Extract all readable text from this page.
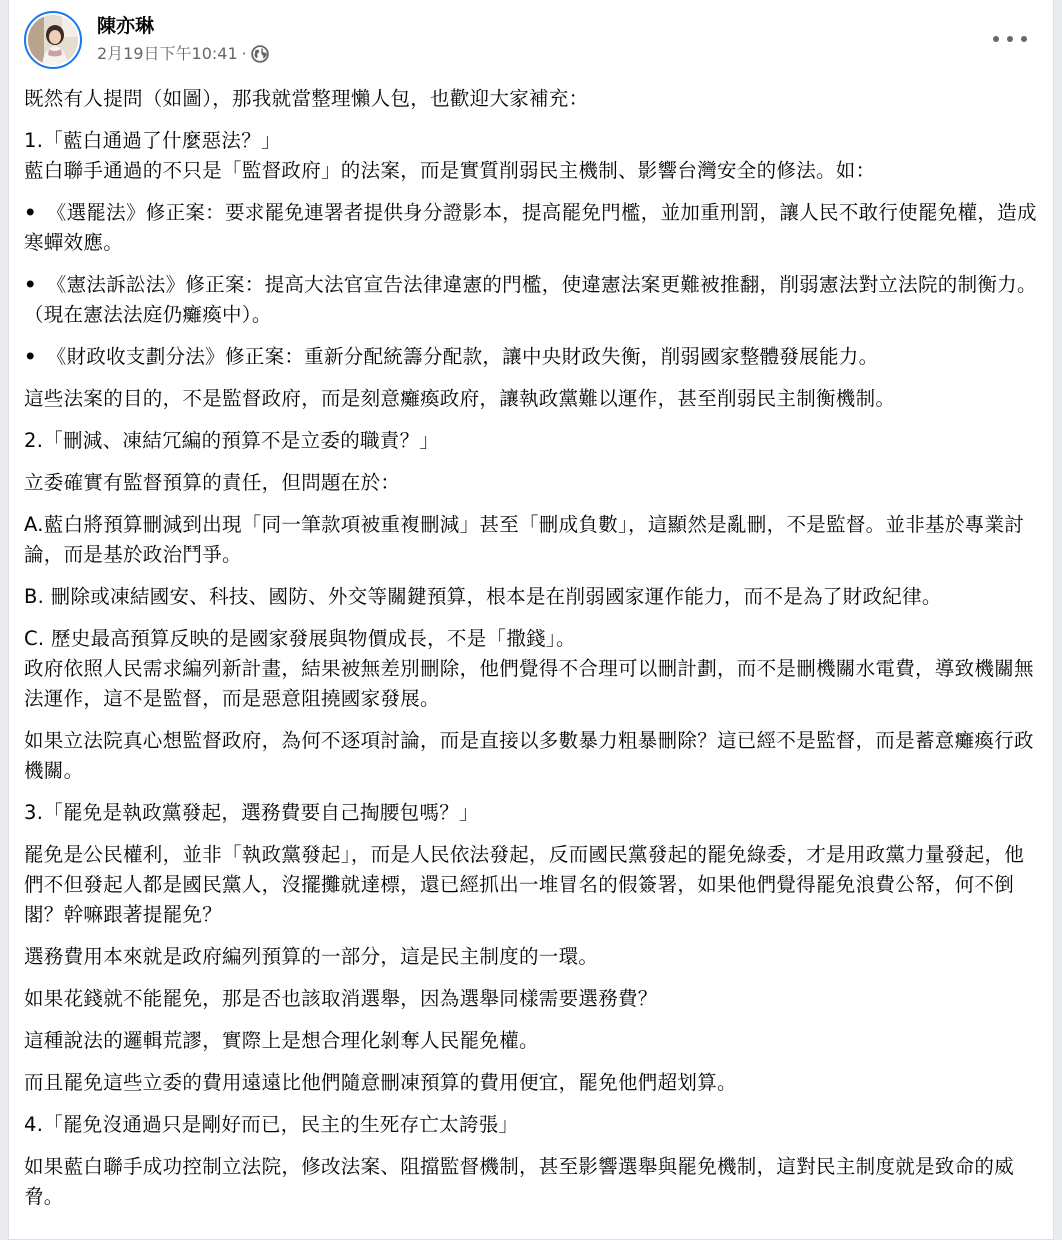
陳亦琳
2月19日下午10:41 ·

既然有人提問（如圖），那我就當整理懶人包，也歡迎大家補充：

1.「藍白通過了什麼惡法？」

藍白聯手通過的不只是「監督政府」的法案，而是實質削弱民主機制、影響台灣安全的修法。如：

• 《選罷法》修正案：要求罷免連署者提供身分證影本，提高罷免門檻，並加重刑罰，讓人民不敢行使罷免權，造成寒蟬效應。

• 《憲法訴訟法》修正案：提高大法官宣告法律違憲的門檻，使違憲法案更難被推翻，削弱憲法對立法院的制衡力。（現在憲法法庭仍癱瘓中）。

• 《財政收支劃分法》修正案：重新分配統籌分配款，讓中央財政失衡，削弱國家整體發展能力。

這些法案的目的，不是監督政府，而是刻意癱瘓政府，讓執政黨難以運作，甚至削弱民主制衡機制。

2.「刪減、凍結冗編的預算不是立委的職責？」

立委確實有監督預算的責任，但問題在於：

A.藍白將預算刪減到出現「同一筆款項被重複刪減」甚至「刪成負數」，這顯然是亂刪，不是監督。並非基於專業討論，而是基於政治鬥爭。

B. 刪除或凍結國安、科技、國防、外交等關鍵預算，根本是在削弱國家運作能力，而不是為了財政紀律。

C. 歷史最高預算反映的是國家發展與物價成長，不是「撒錢」。

政府依照人民需求編列新計畫，結果被無差別刪除，他們覺得不合理可以刪計劃，而不是刪機關水電費，導致機關無法運作，這不是監督，而是惡意阻撓國家發展。

如果立法院真心想監督政府，為何不逐項討論，而是直接以多數暴力粗暴刪除？這已經不是監督，而是蓄意癱瘓行政機關。

3.「罷免是執政黨發起，選務費要自己掏腰包嗎？」

罷免是公民權利，並非「執政黨發起」，而是人民依法發起，反而國民黨發起的罷免綠委，才是用政黨力量發起，他們不但發起人都是國民黨人，沒擺攤就達標，還已經抓出一堆冒名的假簽署，如果他們覺得罷免浪費公帑，何不倒閣？幹嘛跟著提罷免？

選務費用本來就是政府編列預算的一部分，這是民主制度的一環。

如果花錢就不能罷免，那是否也該取消選舉，因為選舉同樣需要選務費？

這種說法的邏輯荒謬，實際上是想合理化剝奪人民罷免權。

而且罷免這些立委的費用遠遠比他們隨意刪凍預算的費用便宜，罷免他們超划算。

4.「罷免沒通過只是剛好而已，民主的生死存亡太誇張」

如果藍白聯手成功控制立法院，修改法案、阻擋監督機制，甚至影響選舉與罷免機制，這對民主制度就是致命的威脅。
